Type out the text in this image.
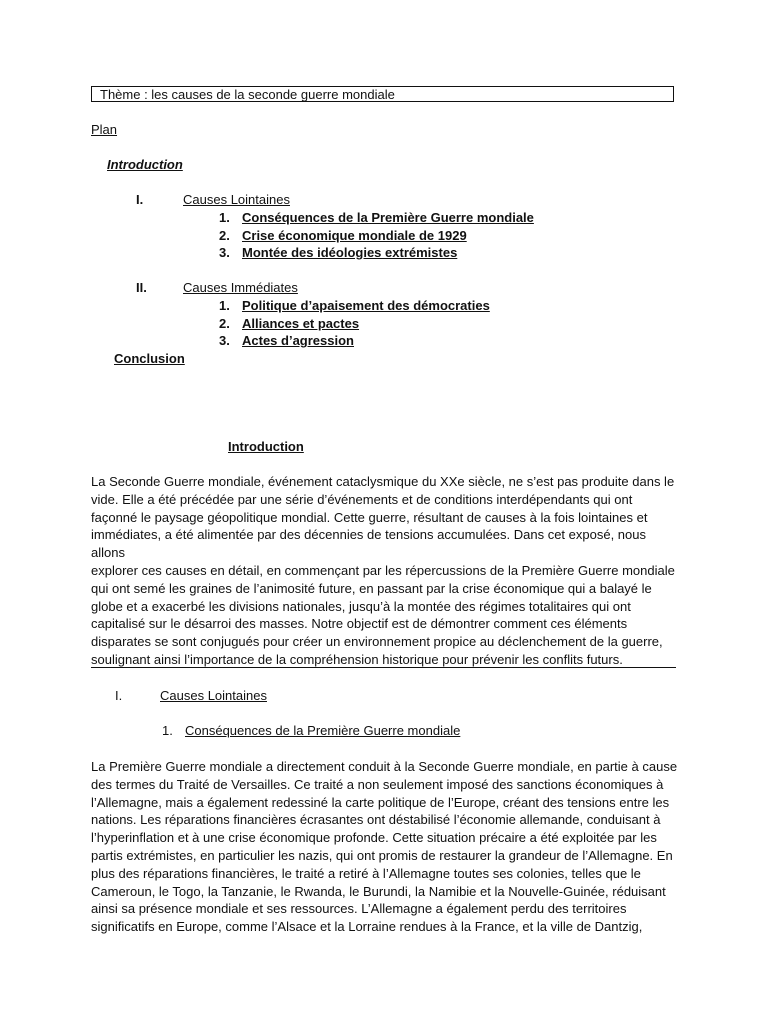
Thème : les causes de la seconde guerre mondiale
Plan
Introduction
I.	Causes Lointaines
1. Conséquences de la Première Guerre mondiale
2. Crise économique mondiale de 1929
3. Montée des idéologies extrémistes
II.	Causes Immédiates
1. Politique d’apaisement des démocraties
2. Alliances et pactes
3. Actes d’agression
Conclusion
Introduction
La Seconde Guerre mondiale, événement cataclysmique du XXe siècle, ne s’est pas produite dans le
vide. Elle a été précédée par une série d’événements et de conditions interdépendants qui ont
façonné le paysage géopolitique mondial. Cette guerre, résultant de causes à la fois lointaines et
immédiates, a été alimentée par des décennies de tensions accumulées. Dans cet exposé, nous allons
explorer ces causes en détail, en commençant par les répercussions de la Première Guerre mondiale
qui ont semé les graines de l’animosité future, en passant par la crise économique qui a balayé le
globe et a exacerbé les divisions nationales, jusqu’à la montée des régimes totalitaires qui ont
capitalisé sur le désarroi des masses. Notre objectif est de démontrer comment ces éléments
disparates se sont conjugués pour créer un environnement propice au déclenchement de la guerre,
soulignant ainsi l’importance de la compréhension historique pour prévenir les conflits futurs.
I.	Causes Lointaines
1. Conséquences de la Première Guerre mondiale
La Première Guerre mondiale a directement conduit à la Seconde Guerre mondiale, en partie à cause
des termes du Traité de Versailles. Ce traité a non seulement imposé des sanctions économiques à
l’Allemagne, mais a également redessiné la carte politique de l’Europe, créant des tensions entre les
nations. Les réparations financières écrasantes ont déstabilisé l’économie allemande, conduisant à
l’hyperinflation et à une crise économique profonde. Cette situation précaire a été exploitée par les
partis extrémistes, en particulier les nazis, qui ont promis de restaurer la grandeur de l’Allemagne. En
plus des réparations financières, le traité a retiré à l’Allemagne toutes ses colonies, telles que le
Cameroun, le Togo, la Tanzanie, le Rwanda, le Burundi, la Namibie et la Nouvelle-Guinée, réduisant
ainsi sa présence mondiale et ses ressources. L’Allemagne a également perdu des territoires
significatifs en Europe, comme l’Alsace et la Lorraine rendues à la France, et la ville de Dantzig,
